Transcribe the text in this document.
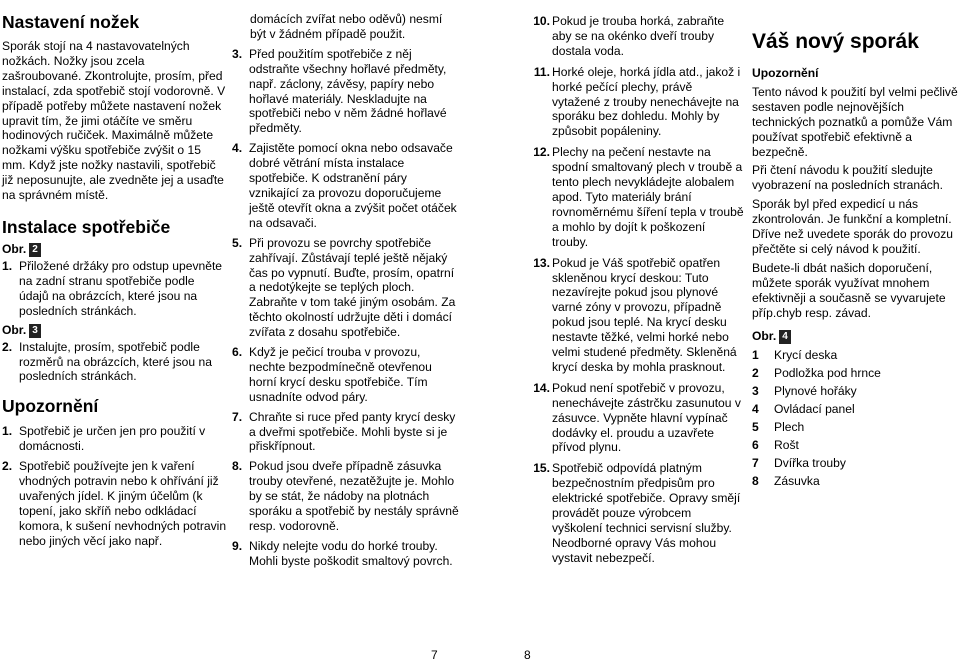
Nastavení nožek

Sporák stojí na 4 nastavovatelných nožkách. Nožky jsou zcela zašroubované. Zkontrolujte, prosím, před instalací, zda spotřebič stojí vodorovně. V případě potřeby můžete nastavení nožek upravit tím, že jimi otáčíte ve směru hodinových ručiček. Maximálně můžete nožkami výšku spotřebiče zvýšit o 15 mm. Když jste nožky nastavili, spotřebič již neposunujte, ale zvedněte jej a usaďte na správném místě.

Instalace spotřebiče

Obr. 2

1. Přiložené držáky pro odstup upevněte na zadní stranu spotřebiče podle údajů na obrázcích, které jsou na posledních stránkách.

Obr. 3

2. Instalujte, prosím, spotřebič podle rozměrů na obrázcích, které jsou na posledních stránkách.
Upozornění
1. Spotřebič je určen jen pro použití v domácnosti.
2. Spotřebič používejte jen k vaření vhodných potravin nebo k ohřívání již uvařených jídel. K jiným účelům (k topení, jako skříň nebo odkládací komora, k sušení nevhodných potravin nebo jiných věcí jako např.

domácích zvířat nebo oděvů) nesmí být v žádném případě použit.

3. Před použitím spotřebiče z něj odstraňte všechny hořlavé předměty, např. záclony, závěsy, papíry nebo hořlavé materiály. Neskladujte na spotřebiči nebo v něm žádné hořlavé předměty.
4. Zajistěte pomocí okna nebo odsavače dobré větrání místa instalace spotřebiče. K odstranění páry vznikající za provozu doporučujeme ještě otevřít okna a zvýšit počet otáček na odsavači.
5. Při provozu se povrchy spotřebiče zahřívají. Zůstávají teplé ještě nějaký čas po vypnutí. Buďte, prosím, opatrní a nedotýkejte se teplých ploch. Zabraňte v tom také jiným osobám. Za těchto okolností udržujte děti i domácí zvířata z dosahu spotřebiče.
6. Když je pečicí trouba v provozu, nechte bezpodmínečně otevřenou horní krycí desku spotřebiče. Tím usnadníte odvod páry.
7. Chraňte si ruce před panty krycí desky a dveřmi spotřebiče. Mohli byste si je přiskřípnout.
8. Pokud jsou dveře případně zásuvka trouby otevřené, nezatěžujte je. Mohlo by se stát, že nádoby na plotnách sporáku a spotřebič by nestály správně resp. vodorovně.
9. Nikdy nelejte vodu do horké trouby. Mohli byste poškodit smaltový povrch.
10. Pokud je trouba horká, zabraňte aby se na okénko dveří trouby dostala voda.
11. Horké oleje, horká jídla atd., jakož i horké pečící plechy, právě vytažené z trouby nenechávejte na sporáku bez dohledu. Mohly by způsobit popáleniny.
12. Plechy na pečení nestavte na spodní smaltovaný plech v troubě a tento plech nevykládejte alobalem apod. Tyto materiály brání rovnoměrnému šíření tepla v troubě a mohlo by dojít k poškození trouby.
13. Pokud je Váš spotřebič opatřen skleněnou krycí deskou: Tuto nezavírejte pokud jsou plynové varné zóny v provozu, případně pokud jsou teplé. Na krycí desku nestavte těžké, velmi horké nebo velmi studené předměty. Skleněná krycí deska by mohla prasknout.
14. Pokud není spotřebič v provozu, nenechávejte zástrčku zasunutou v zásuvce. Vypněte hlavní vypínač dodávky el. proudu a uzavřete přívod plynu.
15. Spotřebič odpovídá platným bezpečnostním předpisům pro elektrické spotřebiče. Opravy smějí provádět pouze výrobcem vyškolení technici servisní služby. Neodborné opravy Vás mohou vystavit nebezpečí.
Váš nový sporák

Upozornění

Tento návod k použití byl velmi pečlivě sestaven podle nejnovějších technických poznatků a pomůže Vám používat spotřebič efektivně a bezpečně.

Při čtení návodu k použití sledujte vyobrazení na posledních stranách.

Sporák byl před expedicí u nás zkontrolován. Je funkční a kompletní. Dříve než uvedete sporák do provozu přečtěte si celý návod k použití.

Budete-li dbát našich doporučení, můžete sporák využívat mnohem efektivněji a současně se vyvarujete příp.chyb resp. závad.

Obr. 4

1 Krycí deska
2 Podložka pod hrnce
3 Plynové hořáky
4 Ovládací panel
5 Plech
6 Rošt
7 Dvířka trouby
8 Zásuvka
7	8
